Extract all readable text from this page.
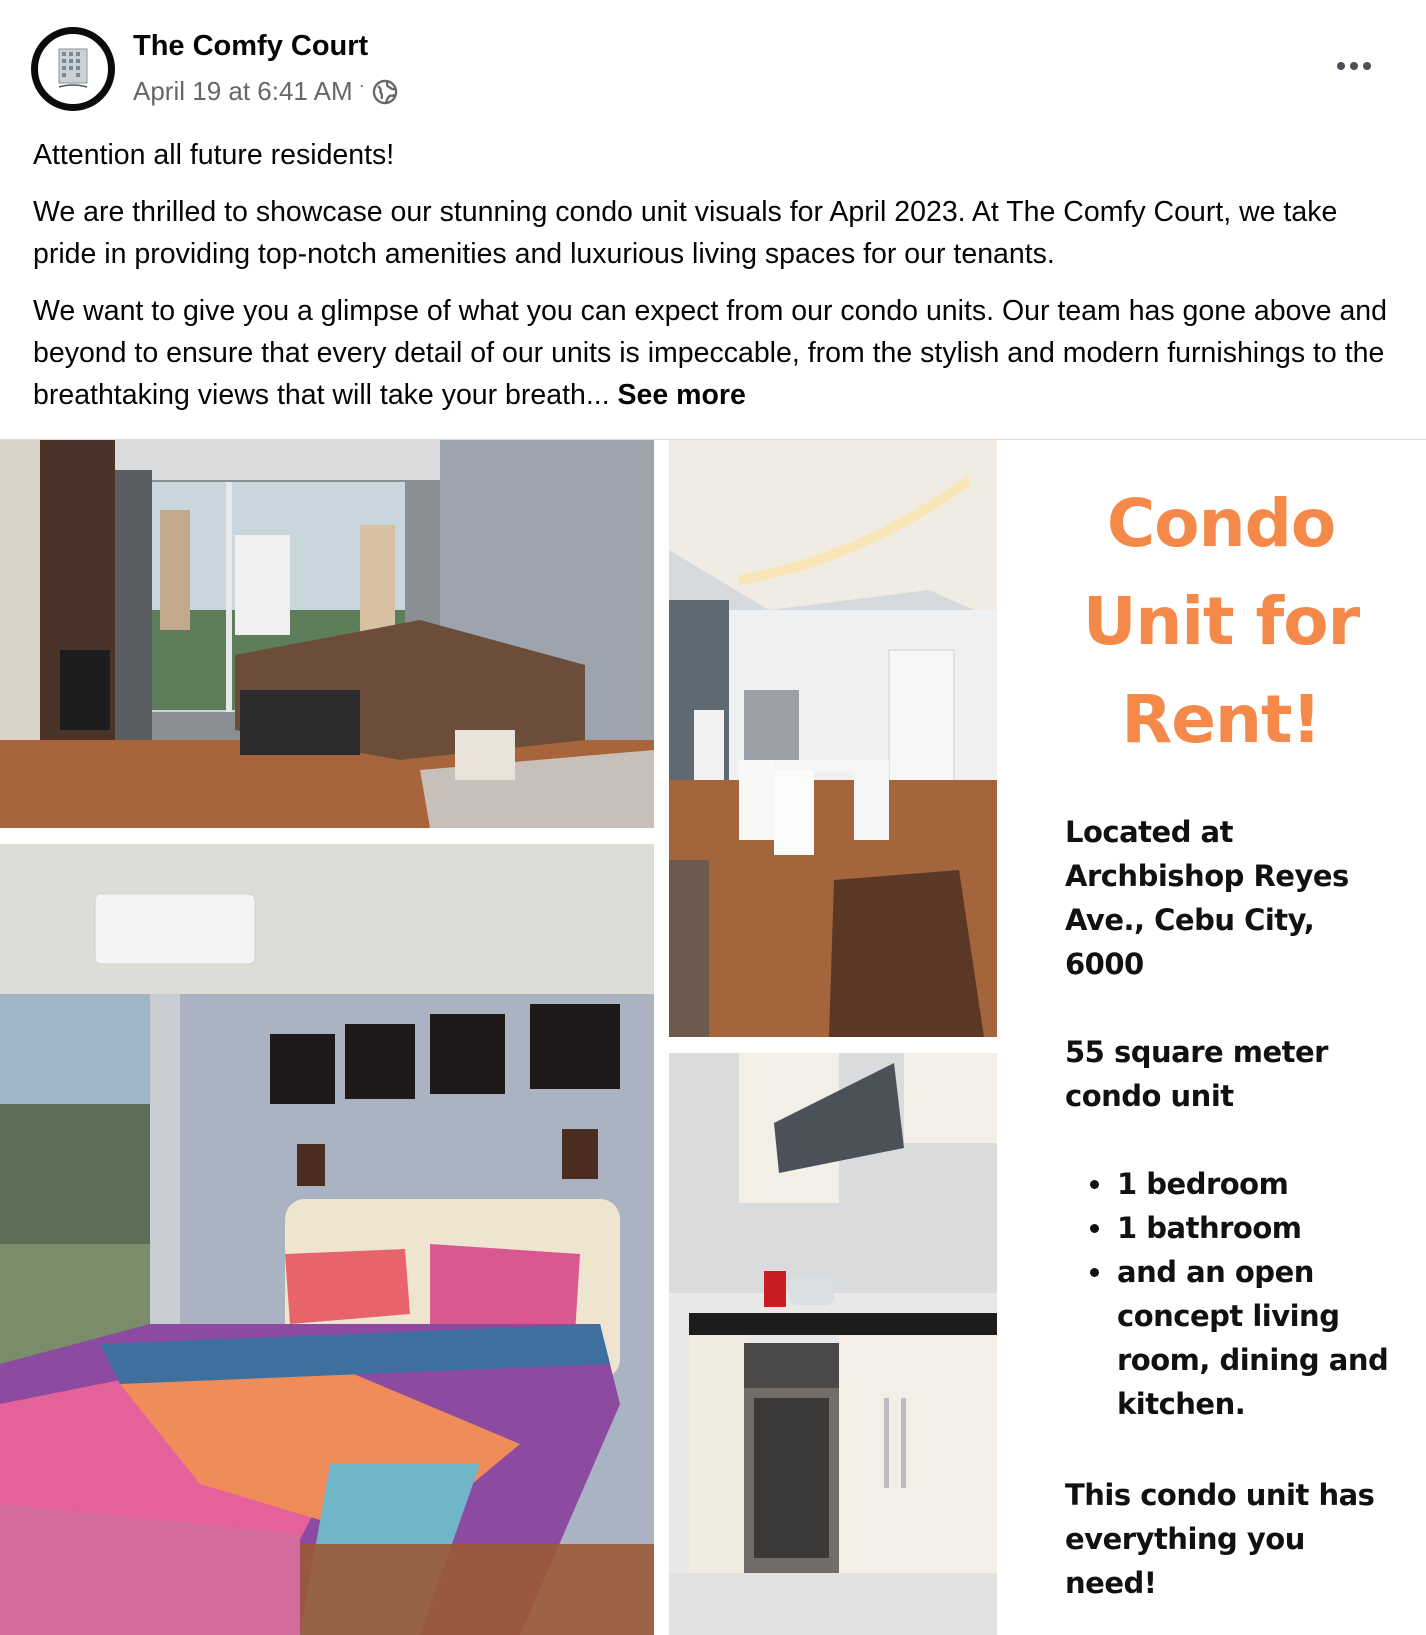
The Comfy Court
April 19 at 6:41 AM ·

Attention all future residents!

We are thrilled to showcase our stunning condo unit visuals for April 2023. At The Comfy Court, we take pride in providing top-notch amenities and luxurious living spaces for our tenants.

We want to give you a glimpse of what you can expect from our condo units. Our team has gone above and beyond to ensure that every detail of our units is impeccable, from the stylish and modern furnishings to the breathtaking views that will take your breath... See more

Condo
Unit for
Rent!
Located at Archbishop Reyes Ave., Cebu City, 6000
55 square meter condo unit
1 bedroom
1 bathroom
and an open concept living room, dining and kitchen.
This condo unit has everything you need!
